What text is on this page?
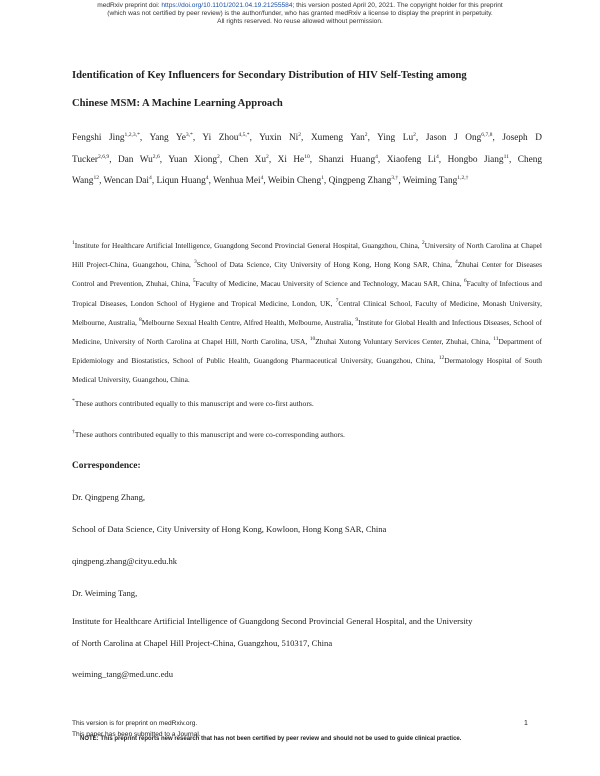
medRxiv preprint doi: https://doi.org/10.1101/2021.04.19.21255584; this version posted April 20, 2021. The copyright holder for this preprint
(which was not certified by peer review) is the author/funder, who has granted medRxiv a license to display the preprint in perpetuity.
All rights reserved. No reuse allowed without permission.
Identification of Key Influencers for Secondary Distribution of HIV Self-Testing among
Chinese MSM: A Machine Learning Approach
Fengshi Jing$^{1,2,3,*}$, Yang $Ye^{3,*}$, Yi Zhou$^{4,5,*}$, Yuxin Ni$^2$, Xumeng Yan$^2$, Ying Lu$^2$, Jason J Ong$^{6,7,8}$, Joseph D
Tucker$^{2,6,9}$, Dan Wu$^{2,6}$, Yuan Xiong$^2$, Chen Xu$^2$, Xi He$^{10}$, Shanzi Huang$^4$, Xiaofeng Li$^4$, Hongbo Jiang$^{11}$, Cheng
Wang$^{12}$, Wencan Dai$^4$, Liqun Huang$^4$, Wenhua Mei$^4$, Weibin Cheng$^1$, Qingpeng Zhang$^{3,\dagger}$, Weiming Tang$^{1,2,\dagger}$
$^1$Institute for Healthcare Artificial Intelligence, Guangdong Second Provincial General Hospital, Guangzhou, China, $^2$University of North Carolina at Chapel Hill Project-China, Guangzhou, China, $^3$School of Data Science, City University of Hong Kong, Hong Kong SAR, China, $^4$Zhuhai Center for Diseases Control and Prevention, Zhuhai, China, $^5$Faculty of Medicine, Macau University of Science and Technology, Macau SAR, China, $^6$Faculty of Infectious and Tropical Diseases, London School of Hygiene and Tropical Medicine, London, UK, $^7$Central Clinical School, Faculty of Medicine, Monash University, Melbourne, Australia, $^8$Melbourne Sexual Health Centre, Alfred Health, Melbourne, Australia, $^9$Institute for Global Health and Infectious Diseases, School of Medicine, University of North Carolina at Chapel Hill, North Carolina, USA, $^{10}$Zhuhai Xutong Voluntary Services Center, Zhuhai, China, $^{11}$Department of Epidemiology and Biostatistics, School of Public Health, Guangdong Pharmaceutical University, Guangzhou, China, $^{12}$Dermatology Hospital of South Medical University, Guangzhou, China.
*These authors contributed equally to this manuscript and were co-first authors.
†These authors contributed equally to this manuscript and were co-corresponding authors.
Correspondence:
Dr. Qingpeng Zhang,
School of Data Science, City University of Hong Kong, Kowloon, Hong Kong SAR, China
qingpeng.zhang@cityu.edu.hk
Dr. Weiming Tang,
Institute for Healthcare Artificial Intelligence of Guangdong Second Provincial General Hospital, and the University
of North Carolina at Chapel Hill Project-China, Guangzhou, 510317, China
weiming_tang@med.unc.edu
This version is for preprint on medRxiv.org.
This paper has been submitted to a Journal.
1
NOTE: This preprint reports new research that has not been certified by peer review and should not be used to guide clinical practice.
